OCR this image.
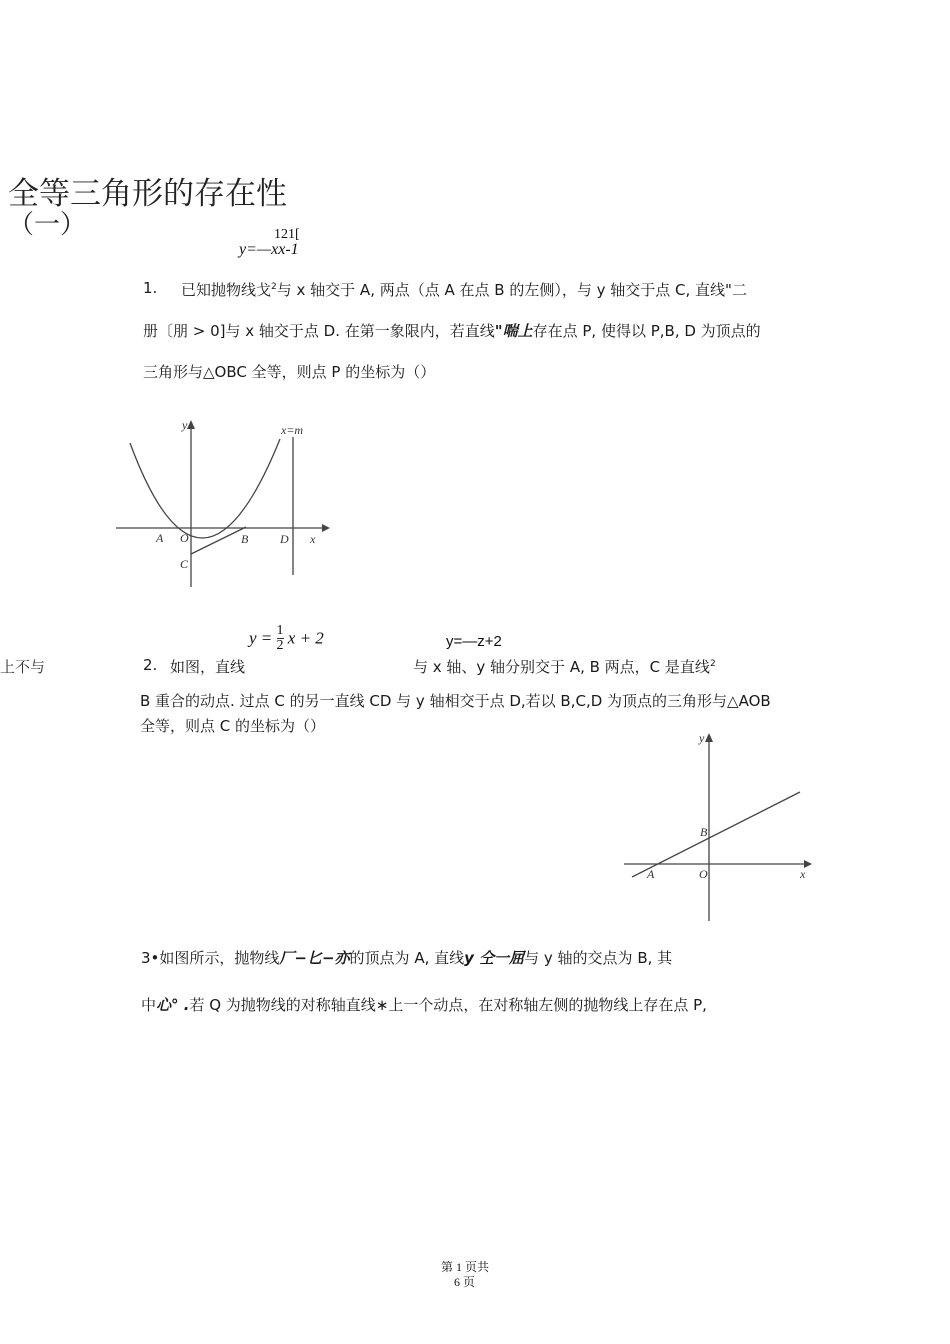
全等三角形的存在性
（一）	121[
y=—xx-1
1. 已知抛物线戈$^2$与 x 轴交于 A, 两点（点 A 在点 B 的左侧），与 y 轴交于点 C, 直线"二
册〔朋 > 0]与 x 轴交于点 D. 在第一象限内，若直线"喘上存在点 P, 使得以 P,B, D 为顶点的
三角形与△OBC 全等，则点 P 的坐标为（）
y
x
x=m
A O	B	D
C
$y = \frac{1}{2}$ x + 2	y=—z+2
上不与	2. 如图，直线	与 x 轴、y 轴分别交于 A, B 两点，C 是直线$^2$
B 重合的动点. 过点 C 的另一直线 CD 与 y 轴相交于点 D,若以 B,C,D 为顶点的三角形与△AOB
全等，则点 C 的坐标为（）
y
x
B
A	O
3•如图所示，抛物线厂−匕−亦的顶点为 A, 直线y 仝一屈与 y 轴的交点为 B, 其
中心° .若 Q 为抛物线的对称轴直线∗上一个动点，在对称轴左侧的抛物线上存在点 P,
第 1 页共
6 页
